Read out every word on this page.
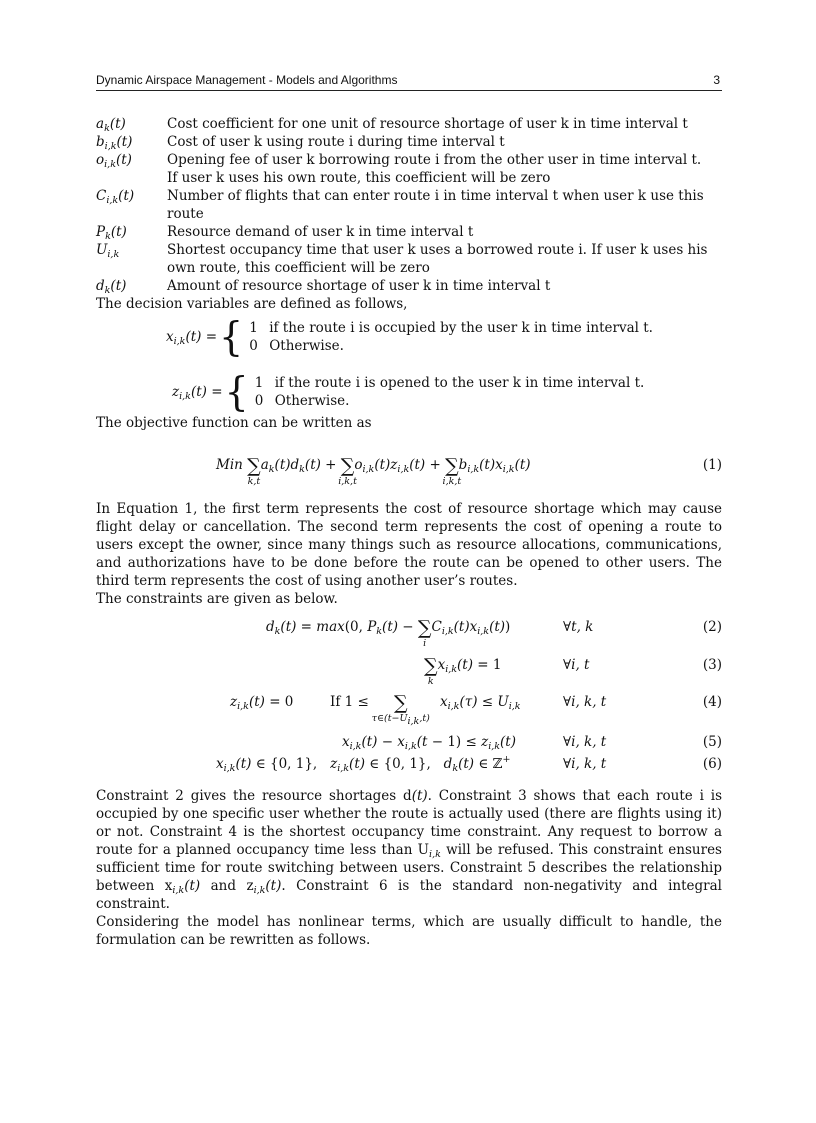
Dynamic Airspace Management - Models and Algorithms	3
$a_k(t)$	Cost coefficient for one unit of resource shortage of user k in time interval t

$b_{i,k}(t)$	Cost of user k using route i during time interval t

$o_{i,k}(t)$	Opening fee of user k borrowing route i from the other user in time interval t.

If user k uses his own route, this coefficient will be zero

$C_{i,k}(t)$	Number of flights that can enter route i in time interval t when user k use this

route

$P_k(t)$	Resource demand of user k in time interval t

$U_{i,k}$	Shortest occupancy time that user k uses a borrowed route i. If user k uses his

own route, this coefficient will be zero

$d_k(t)$	Amount of resource shortage of user k in time interval t

The decision variables are defined as follows,

$x_{i,k}(t)$ = { 1 if the route i is occupied by the user k in time interval t.
0 Otherwise.
$z_{i,k}(t)$ = { 1 if the route i is opened to the user k in time interval t.
0 Otherwise.

The objective function can be written as

Min ∑
k,t
$a_k(t)d_k(t)$ + ∑
i,k,t
$o_{i,k}(t)z_{i,k}(t)$ + ∑
i,k,t
$b_{i,k}(t)x_{i,k}(t)$	(1)

In Equation 1, the first term represents the cost of resource shortage which may cause flight delay or cancellation. The second term represents the cost of opening a route to users except the owner, since many things such as resource allocations, communications, and authorizations have to be done before the route can be opened to other users. The third term represents the cost of using another user’s routes.

The constraints are given as below.

$d_k(t) = \max(0$, $P_k(t)$ − ∑
i
$C_{i,k}(t)x_{i,k}(t)$)	∀t, k	(2)
∑
k
$x_{i,k}(t) = 1$	∀i, t	(3)
$z_{i,k}(t) = 0$	If 1 ≤ ∑
$\tau\in(t-U_{i,k},t)$
$x_{i,k}(\tau) \le U_{i,k}$	∀i, k, t	(4)
$x_{i,k}(t) - x_{i,k}(t - 1) \le z_{i,k}(t)$	∀i, k, t	(5)
$x_{i,k}(t)$ ∈ {0, 1},   $z_{i,k}(t)$ ∈ {0, 1},   $d_k(t)$ ∈ ℤ+	∀i, k, t	(6)

Constraint 2 gives the resource shortages d(t). Constraint 3 shows that each route i is occupied by one specific user whether the route is actually used (there are flights using it) or not. Constraint 4 is the shortest occupancy time constraint. Any request to borrow a route for a planned occupancy time less than $U_{i,k}$ will be refused. This constraint ensures sufficient time for route switching between users. Constraint 5 describes the relationship between $x_{i,k}(t)$ and $z_{i,k}(t)$. Constraint 6 is the standard non-negativity and integral constraint.

Considering the model has nonlinear terms, which are usually difficult to handle, the formulation can be rewritten as follows.
